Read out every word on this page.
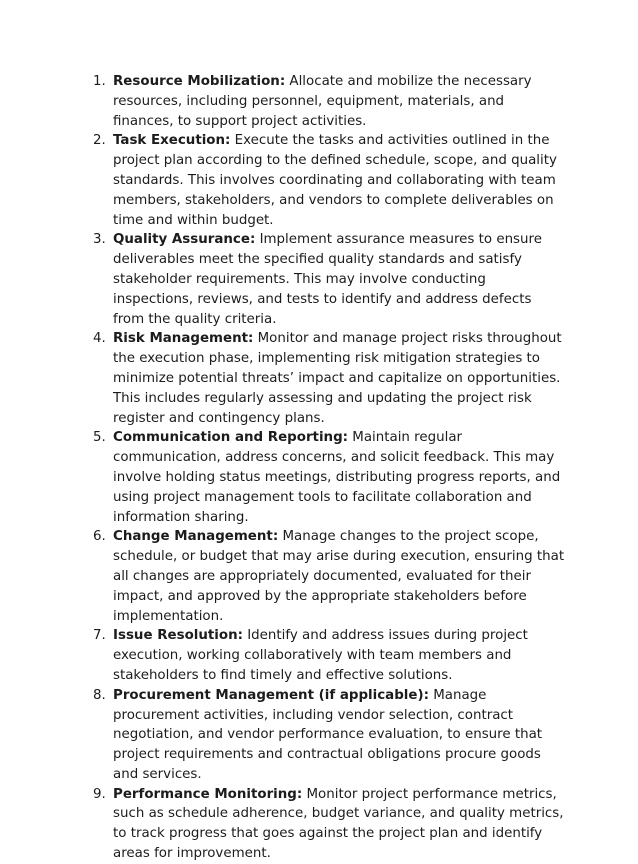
1. Resource Mobilization: Allocate and mobilize the necessary resources, including personnel, equipment, materials, and finances, to support project activities.
2. Task Execution: Execute the tasks and activities outlined in the project plan according to the defined schedule, scope, and quality standards. This involves coordinating and collaborating with team members, stakeholders, and vendors to complete deliverables on time and within budget.
3. Quality Assurance: Implement assurance measures to ensure deliverables meet the specified quality standards and satisfy stakeholder requirements. This may involve conducting inspections, reviews, and tests to identify and address defects from the quality criteria.
4. Risk Management: Monitor and manage project risks throughout the execution phase, implementing risk mitigation strategies to minimize potential threats’ impact and capitalize on opportunities. This includes regularly assessing and updating the project risk register and contingency plans.
5. Communication and Reporting: Maintain regular communication, address concerns, and solicit feedback. This may involve holding status meetings, distributing progress reports, and using project management tools to facilitate collaboration and information sharing.
6. Change Management: Manage changes to the project scope, schedule, or budget that may arise during execution, ensuring that all changes are appropriately documented, evaluated for their impact, and approved by the appropriate stakeholders before implementation.
7. Issue Resolution: Identify and address issues during project execution, working collaboratively with team members and stakeholders to find timely and effective solutions.
8. Procurement Management (if applicable): Manage procurement activities, including vendor selection, contract negotiation, and vendor performance evaluation, to ensure that project requirements and contractual obligations procure goods and services.
9. Performance Monitoring: Monitor project performance metrics, such as schedule adherence, budget variance, and quality metrics, to track progress that goes against the project plan and identify areas for improvement.
